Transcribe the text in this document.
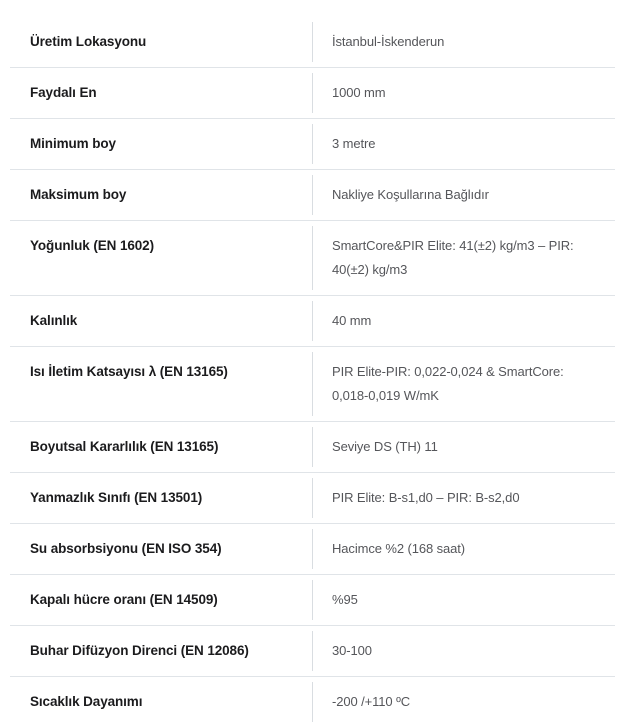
Üretim Lokasyonu	İstanbul-İskenderun
Faydalı En	1000 mm
Minimum boy	3 metre
Maksimum boy	Nakliye Koşullarına Bağlıdır
Yoğunluk (EN 1602)	SmartCore&PIR Elite: 41(±2) kg/m3 – PIR: 40(±2) kg/m3
Kalınlık	40 mm
Isı İletim Katsayısı λ (EN 13165)	PIR Elite-PIR: 0,022-0,024 & SmartCore: 0,018-0,019 W/mK
Boyutsal Kararlılık (EN 13165)	Seviye DS (TH) 11
Yanmazlık Sınıfı (EN 13501)	PIR Elite: B-s1,d0 – PIR: B-s2,d0
Su absorbsiyonu (EN ISO 354)	Hacimce %2 (168 saat)
Kapalı hücre oranı (EN 14509)	%95
Buhar Difüzyon Direnci (EN 12086)	30-100
Sıcaklık Dayanımı	-200 /+110 ºC
